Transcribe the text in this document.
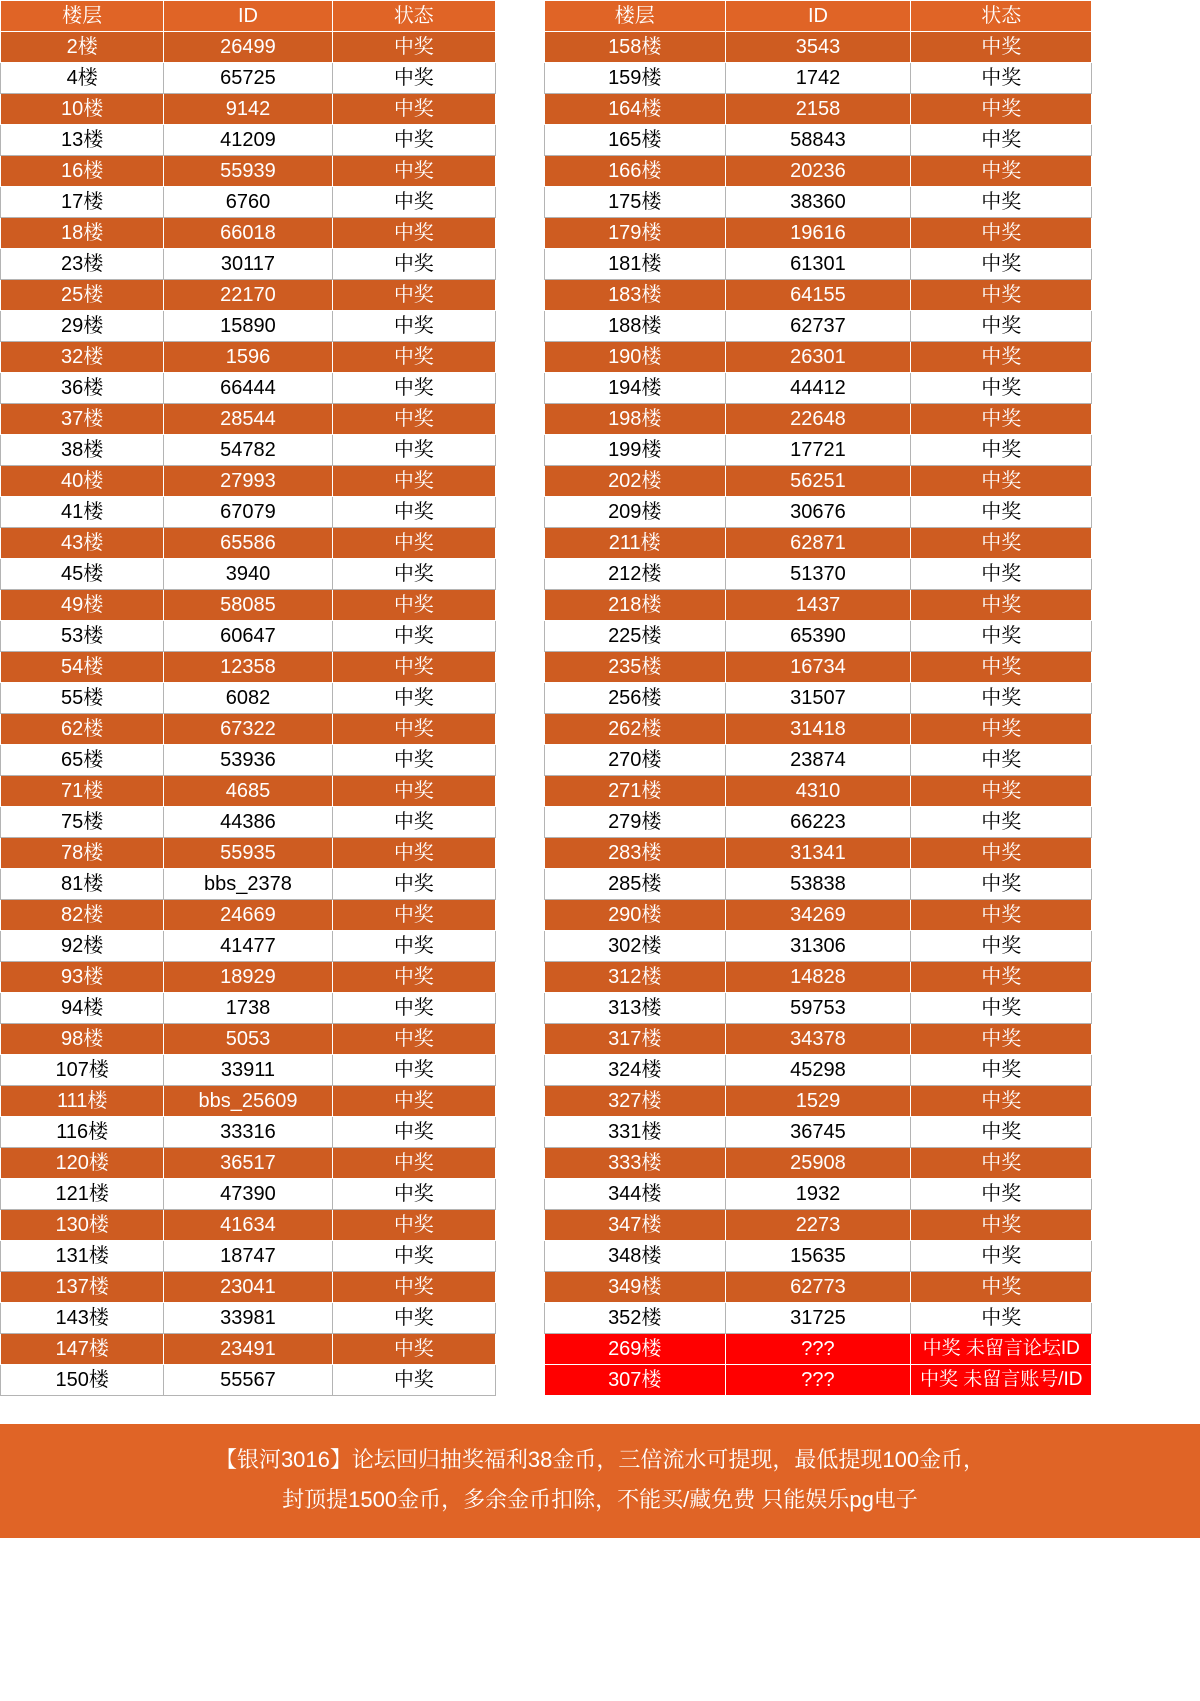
楼层	ID	状态
2楼	26499	中奖
4楼	65725	中奖
10楼	9142	中奖
13楼	41209	中奖
16楼	55939	中奖
17楼	6760	中奖
18楼	66018	中奖
23楼	30117	中奖
25楼	22170	中奖
29楼	15890	中奖
32楼	1596	中奖
36楼	66444	中奖
37楼	28544	中奖
38楼	54782	中奖
40楼	27993	中奖
41楼	67079	中奖
43楼	65586	中奖
45楼	3940	中奖
49楼	58085	中奖
53楼	60647	中奖
54楼	12358	中奖
55楼	6082	中奖
62楼	67322	中奖
65楼	53936	中奖
71楼	4685	中奖
75楼	44386	中奖
78楼	55935	中奖
81楼	bbs_2378	中奖
82楼	24669	中奖
92楼	41477	中奖
93楼	18929	中奖
94楼	1738	中奖
98楼	5053	中奖
107楼	33911	中奖
111楼	bbs_25609	中奖
116楼	33316	中奖
120楼	36517	中奖
121楼	47390	中奖
130楼	41634	中奖
131楼	18747	中奖
137楼	23041	中奖
143楼	33981	中奖
147楼	23491	中奖
150楼	55567	中奖
楼层	ID	状态
158楼	3543	中奖
159楼	1742	中奖
164楼	2158	中奖
165楼	58843	中奖
166楼	20236	中奖
175楼	38360	中奖
179楼	19616	中奖
181楼	61301	中奖
183楼	64155	中奖
188楼	62737	中奖
190楼	26301	中奖
194楼	44412	中奖
198楼	22648	中奖
199楼	17721	中奖
202楼	56251	中奖
209楼	30676	中奖
211楼	62871	中奖
212楼	51370	中奖
218楼	1437	中奖
225楼	65390	中奖
235楼	16734	中奖
256楼	31507	中奖
262楼	31418	中奖
270楼	23874	中奖
271楼	4310	中奖
279楼	66223	中奖
283楼	31341	中奖
285楼	53838	中奖
290楼	34269	中奖
302楼	31306	中奖
312楼	14828	中奖
313楼	59753	中奖
317楼	34378	中奖
324楼	45298	中奖
327楼	1529	中奖
331楼	36745	中奖
333楼	25908	中奖
344楼	1932	中奖
347楼	2273	中奖
348楼	15635	中奖
349楼	62773	中奖
352楼	31725	中奖
269楼	???	中奖 未留言论坛ID
307楼	???	中奖 未留言账号/ID
【银河3016】论坛回归抽奖福利38金币，三倍流水可提现，最低提现100金币，
封顶提1500金币，多余金币扣除，不能买/藏免费 只能娱乐pg电子
